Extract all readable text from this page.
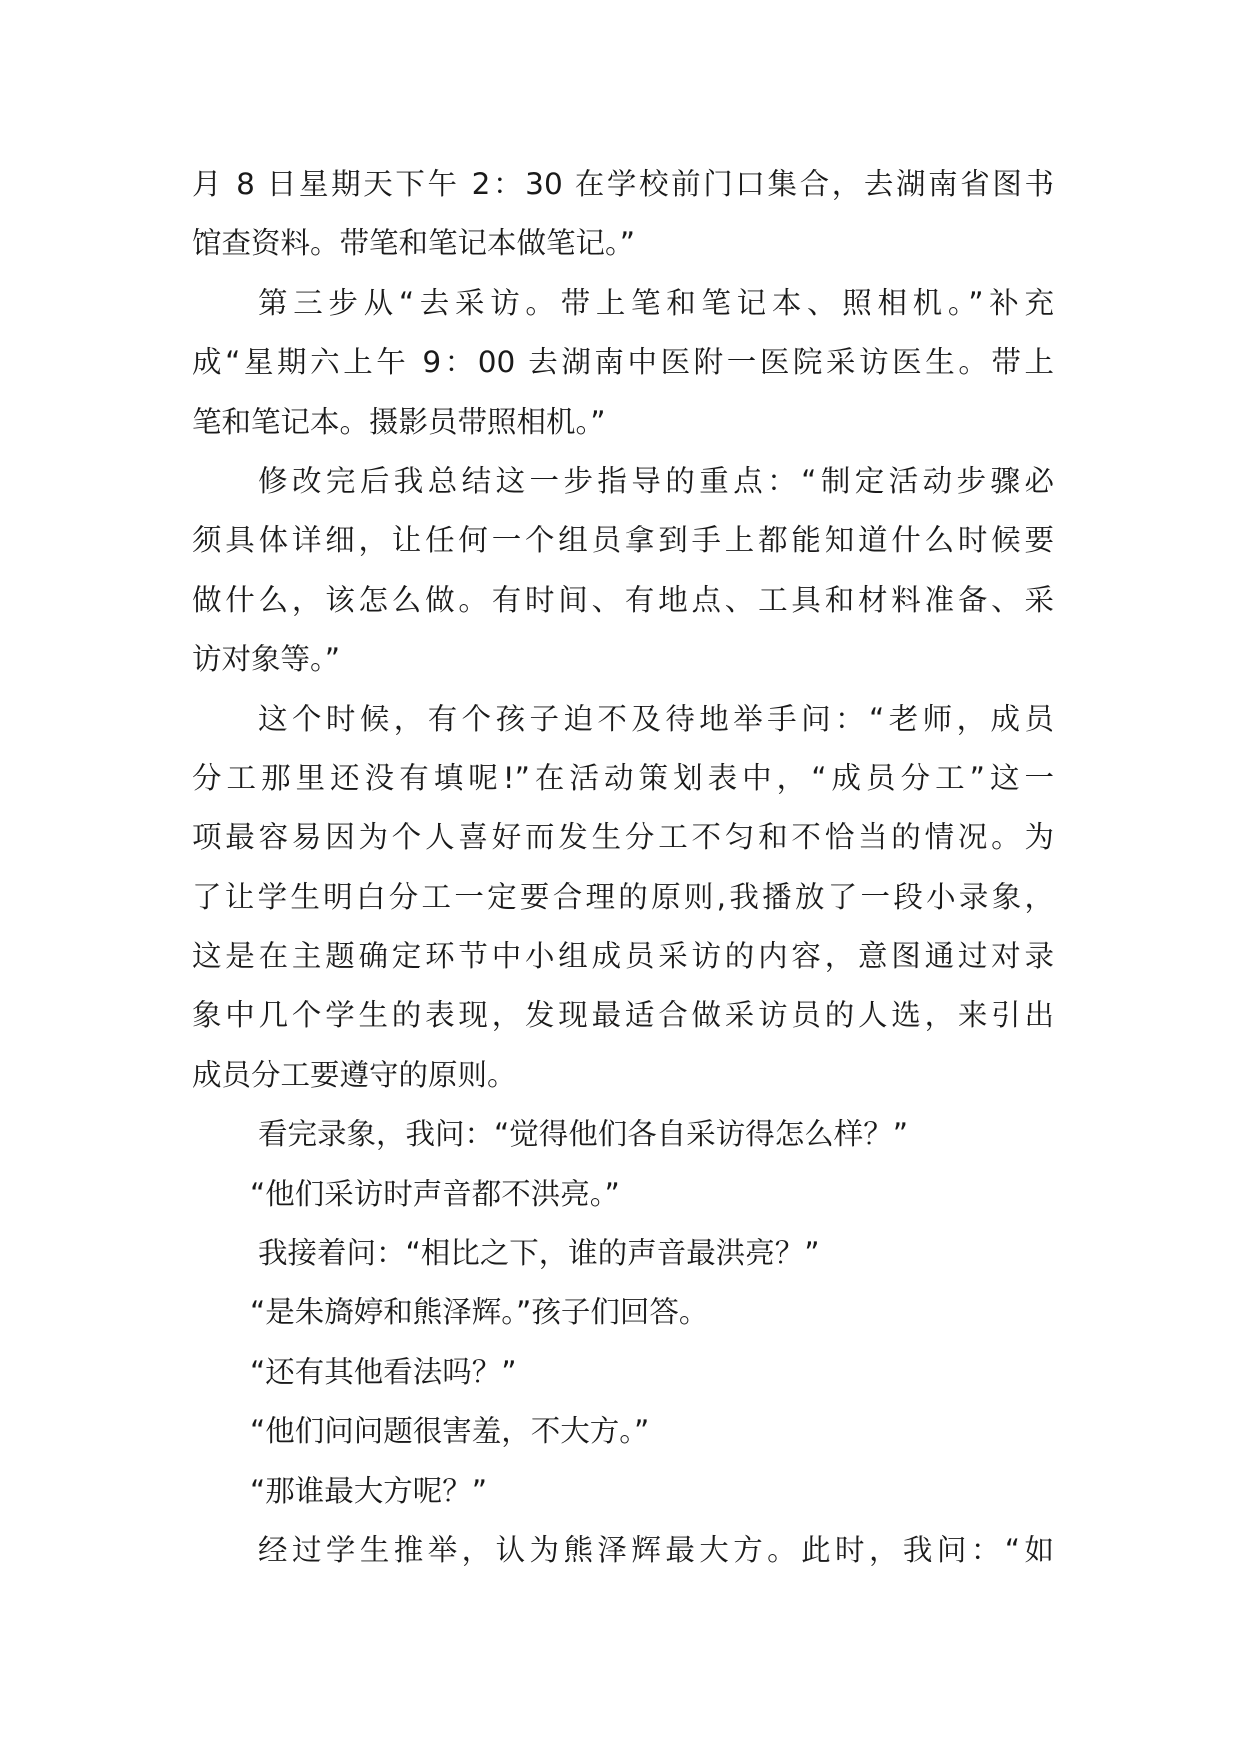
月 8 日星期天下午 2：30 在学校前门口集合，去湖南省图书
馆查资料。带笔和笔记本做笔记。”
第三步从“去采访。带上笔和笔记本、照相机。”补充
成“星期六上午 9：00 去湖南中医附一医院采访医生。带上
笔和笔记本。摄影员带照相机。”
修改完后我总结这一步指导的重点：“制定活动步骤必
须具体详细，让任何一个组员拿到手上都能知道什么时候要
做什么，该怎么做。有时间、有地点、工具和材料准备、采
访对象等。”
这个时候，有个孩子迫不及待地举手问：“老师，成员
分工那里还没有填呢!”在活动策划表中，“成员分工”这一
项最容易因为个人喜好而发生分工不匀和不恰当的情况。为
了让学生明白分工一定要合理的原则,我播放了一段小录象，
这是在主题确定环节中小组成员采访的内容，意图通过对录
象中几个学生的表现，发现最适合做采访员的人选，来引出
成员分工要遵守的原则。
看完录象，我问：“觉得他们各自采访得怎么样？”
“他们采访时声音都不洪亮。”
我接着问：“相比之下，谁的声音最洪亮？”
“是朱旖婷和熊泽辉。”孩子们回答。
“还有其他看法吗？”
“他们问问题很害羞，不大方。”
“那谁最大方呢？”
经过学生推举，认为熊泽辉最大方。此时，我问：“如
